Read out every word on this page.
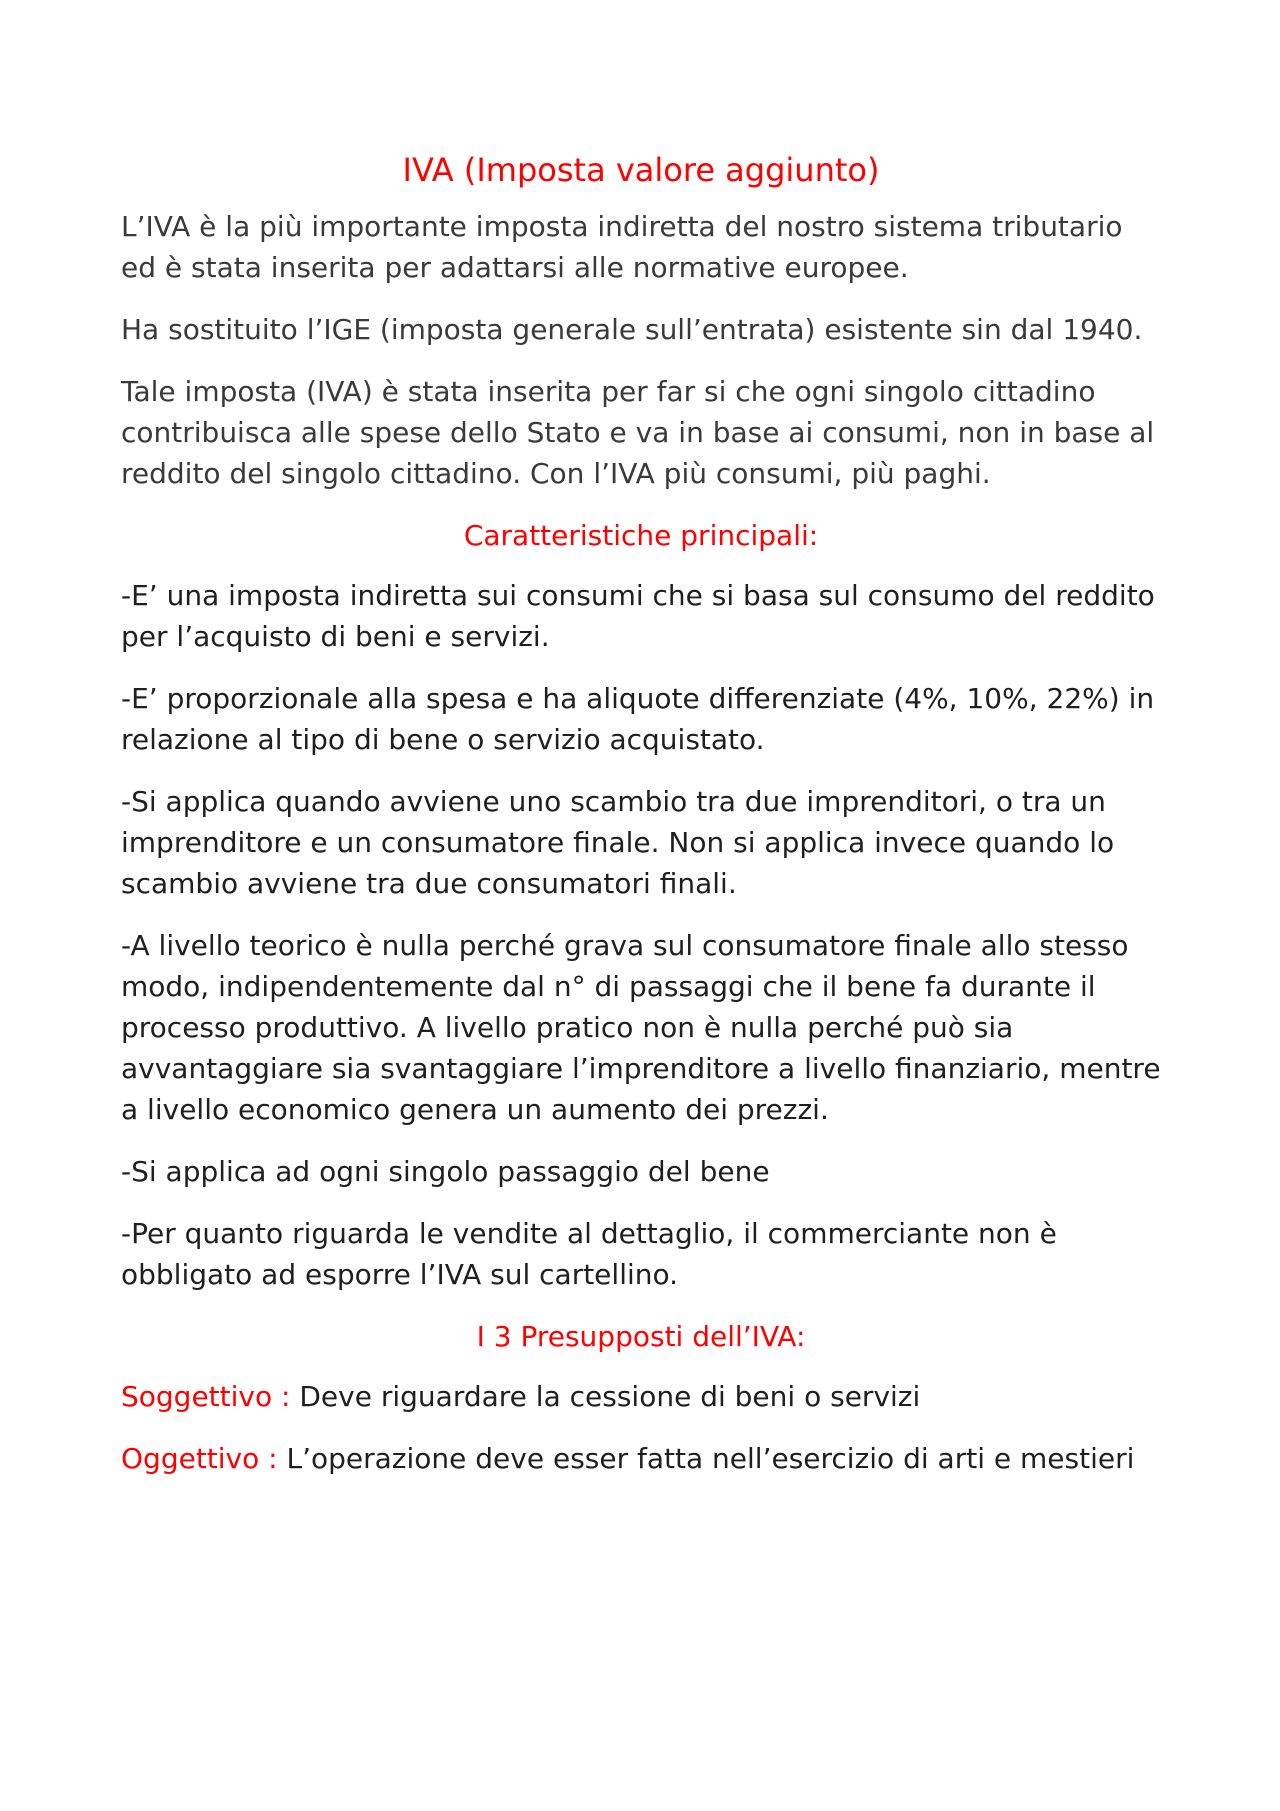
IVA (Imposta valore aggiunto)

L’IVA è la più importante imposta indiretta del nostro sistema tributario ed è stata inserita per adattarsi alle normative europee.

Ha sostituito l’IGE (imposta generale sull’entrata) esistente sin dal 1940.

Tale imposta (IVA) è stata inserita per far si che ogni singolo cittadino contribuisca alle spese dello Stato e va in base ai consumi, non in base al reddito del singolo cittadino. Con l’IVA più consumi, più paghi.

Caratteristiche principali:

-E’ una imposta indiretta sui consumi che si basa sul consumo del reddito per l’acquisto di beni e servizi.

-E’ proporzionale alla spesa e ha aliquote differenziate (4%, 10%, 22%) in relazione al tipo di bene o servizio acquistato.

-Si applica quando avviene uno scambio tra due imprenditori, o tra un imprenditore e un consumatore finale. Non si applica invece quando lo scambio avviene tra due consumatori finali.

-A livello teorico è nulla perché grava sul consumatore finale allo stesso modo, indipendentemente dal n° di passaggi che il bene fa durante il processo produttivo. A livello pratico non è nulla perché può sia avvantaggiare sia svantaggiare l’imprenditore a livello finanziario, mentre a livello economico genera un aumento dei prezzi.

-Si applica ad ogni singolo passaggio del bene

-Per quanto riguarda le vendite al dettaglio, il commerciante non è obbligato ad esporre l’IVA sul cartellino.

I 3 Presupposti dell’IVA:

Soggettivo : Deve riguardare la cessione di beni o servizi

Oggettivo : L’operazione deve esser fatta nell’esercizio di arti e mestieri
